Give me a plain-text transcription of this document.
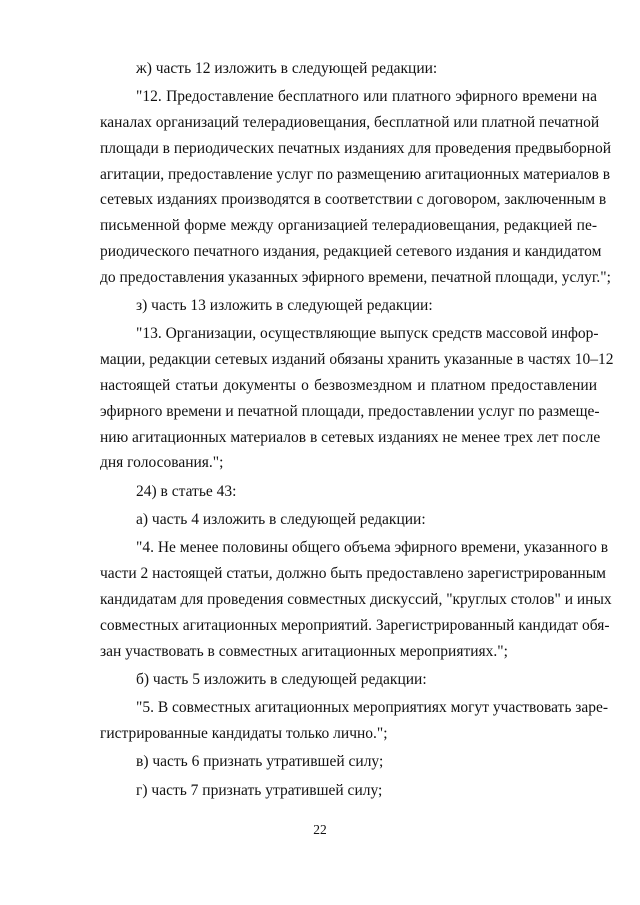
ж) часть 12 изложить в следующей редакции:
"12. Предоставление бесплатного или платного эфирного времени на
каналах организаций телерадиовещания, бесплатной или платной печатной
площади в периодических печатных изданиях для проведения предвыборной
агитации, предоставление услуг по размещению агитационных материалов в
сетевых изданиях производятся в соответствии с договором, заключенным в
письменной форме между организацией телерадиовещания, редакцией пе-
риодического печатного издания, редакцией сетевого издания и кандидатом
до предоставления указанных эфирного времени, печатной площади, услуг.";
з) часть 13 изложить в следующей редакции:
"13. Организации, осуществляющие выпуск средств массовой инфор-
мации, редакции сетевых изданий обязаны хранить указанные в частях 10–12
настоящей статьи документы о безвозмездном и платном предоставлении
эфирного времени и печатной площади, предоставлении услуг по размеще-
нию агитационных материалов в сетевых изданиях не менее трех лет после
дня голосования.";
24) в статье 43:
а) часть 4 изложить в следующей редакции:
"4. Не менее половины общего объема эфирного времени, указанного в
части 2 настоящей статьи, должно быть предоставлено зарегистрированным
кандидатам для проведения совместных дискуссий, "круглых столов" и иных
совместных агитационных мероприятий. Зарегистрированный кандидат обя-
зан участвовать в совместных агитационных мероприятиях.";
б) часть 5 изложить в следующей редакции:
"5. В совместных агитационных мероприятиях могут участвовать заре-
гистрированные кандидаты только лично.";
в) часть 6 признать утратившей силу;
г) часть 7 признать утратившей силу;
22
